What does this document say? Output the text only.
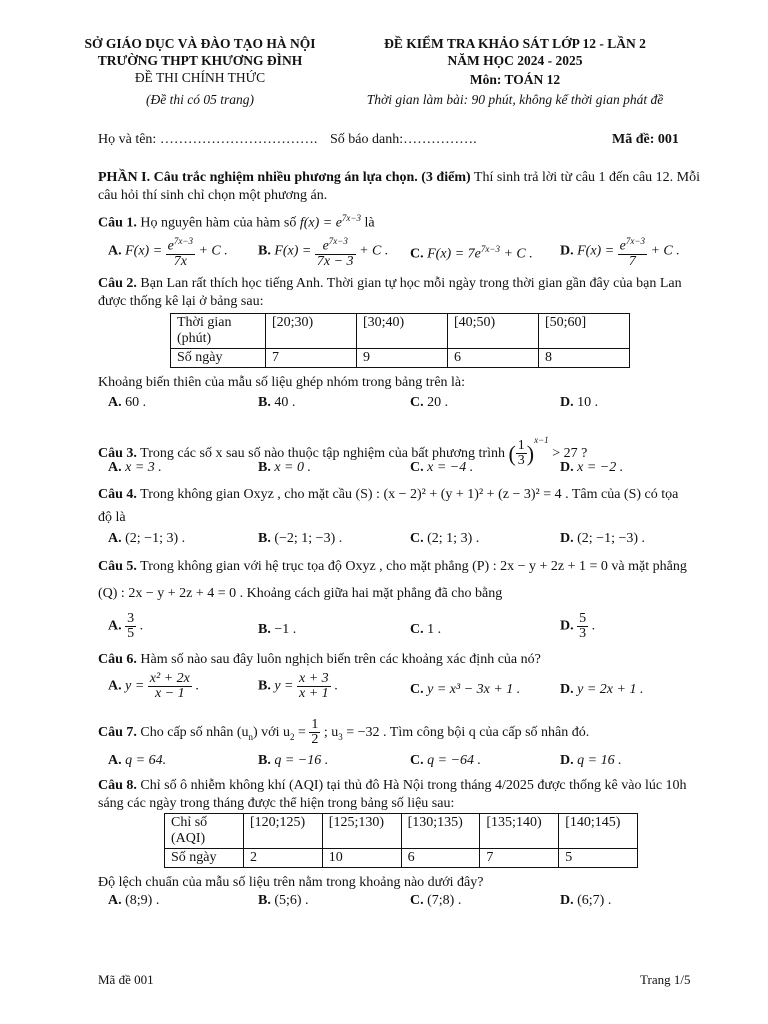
SỞ GIÁO DỤC VÀ ĐÀO TẠO HÀ NỘI
TRƯỜNG THPT KHƯƠNG ĐÌNH
ĐỀ THI CHÍNH THỨC
(Đề thi có 05 trang)
ĐỀ KIỂM TRA KHẢO SÁT LỚP 12 - LẦN 2
NĂM HỌC 2024 - 2025
Môn: TOÁN 12
Thời gian làm bài: 90 phút, không kể thời gian phát đề
Họ và tên: ……………………………. Số báo danh:…………….	Mã đề: 001
PHẦN I. Câu trắc nghiệm nhiều phương án lựa chọn. (3 điểm) Thí sinh trả lời từ câu 1 đến câu 12. Mỗi
câu hỏi thí sinh chỉ chọn một phương án.
Câu 1. Họ nguyên hàm của hàm số $f(x) = e^{7x-3}$ là
A. $F(x) = \frac{e^{7x-3}}{7x} + C$ . B. $F(x) = \frac{e^{7x-3}}{7x - 3} + C$ . C. $F(x) = 7e^{7x-3} + C$ . D. $F(x) = \frac{e^{7x-3}}{7} + C$ .
Câu 2. Bạn Lan rất thích học tiếng Anh. Thời gian tự học mỗi ngày trong thời gian gần đây của bạn Lan
được thống kê lại ở bảng sau:
Thời gian
(phút)	[20;30)	[30;40)	[40;50)	[50;60]
Số ngày	7	9	6	8
Khoảng biến thiên của mẫu số liệu ghép nhóm trong bảng trên là:
A. 60 .	B. 40 .	C. 20 .	D. 10 .
Câu 3. Trong các số x sau số nào thuộc tập nghiệm của bất phương trình ( $\frac{1}{3} )^{x-1} > 27$ ?
A. x = 3 .	B. x = 0 .	C. x = −4 .	D. x = −2 .
Câu 4. Trong không gian Oxyz , cho mặt cầu (S) : (x − 2)² + (y + 1)² + (z − 3)² = 4 . Tâm của (S) có tọa
độ là
A. (2; −1; 3) .	B. (−2; 1; −3) .	C. (2; 1; 3) .	D. (2; −1; −3) .
Câu 5. Trong không gian với hệ trục tọa độ Oxyz , cho mặt phẳng (P) : 2x − y + 2z + 1 = 0 và mặt phẳng
(Q) : 2x − y + 2z + 4 = 0 . Khoảng cách giữa hai mặt phẳng đã cho bằng
A. $\frac{3}{5}$ .	B. −1 .	C. 1 .	D. $\frac{5}{3}$ .
Câu 6. Hàm số nào sau đây luôn nghịch biến trên các khoảng xác định của nó?
A. $y = \frac{\text{x² + 2x}}{x - 1}$ .	B. $y = \frac{x + 3}{x + 1}$ .	C. y = x³ − 3x + 1 .	D. y = 2x + 1 .
Câu 7. Cho cấp số nhân $(u_n)$ với $u_2 = \frac{1}{2}$ ; $u_3 = -32$ . Tìm công bội q của cấp số nhân đó.
A. q = 64.	B. q = −16 .	C. q = −64 .	D. q = 16 .
Câu 8. Chỉ số ô nhiễm không khí (AQI) tại thủ đô Hà Nội trong tháng 4/2025 được thống kê vào lúc 10h
sáng các ngày trong tháng được thể hiện trong bảng số liệu sau:
Chỉ số
(AQI)	[120;125)	[125;130)	[130;135)	[135;140)	[140;145)
Số ngày	2	10	6	7	5
Độ lệch chuẩn của mẫu số liệu trên nằm trong khoảng nào dưới đây?
A. (8;9) .	B. (5;6) .	C. (7;8) .	D. (6;7) .
Mã đề 001	Trang 1/5
